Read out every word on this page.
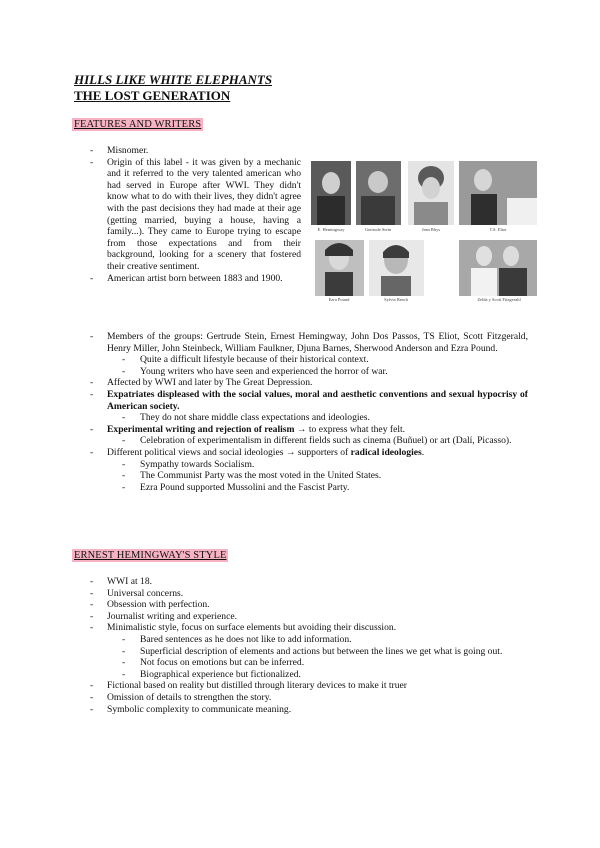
HILLS LIKE WHITE ELEPHANTS
THE LOST GENERATION
FEATURES AND WRITERS
E. Hemingway	Gertrude Stein	Jean Rhys	T.S. Eliot
Ezra Pound	Sylvia Beach	Zelda y Scott Fitzgerald
- Misnomer.
- Origin of this label - it was given by a mechanic and it referred to the very talented american who had served in Europe after WWI. They didn't know what to do with their lives, they didn't agree with the past decisions they had made at their age (getting married, buying a house, having a family...). They came to Europe trying to escape from those expectations and from their background, looking for a scenery that fostered their creative sentiment.
- American artist born between 1883 and 1900.
- Members of the groups: Gertrude Stein, Ernest Hemingway, John Dos Passos, TS Eliot, Scott Fitzgerald, Henry Miller, John Steinbeck, William Faulkner, Djuna Barnes, Sherwood Anderson and Ezra Pound.
- Quite a difficult lifestyle because of their historical context.
- Young writers who have seen and experienced the horror of war.
- Affected by WWI and later by The Great Depression.
- Expatriates displeased with the social values, moral and aesthetic conventions and sexual hypocrisy of American society.
- They do not share middle class expectations and ideologies.
- Experimental writing and rejection of realism → to express what they felt.
- Celebration of experimentalism in different fields such as cinema (Buñuel) or art (Dalí, Picasso).
- Different political views and social ideologies → supporters of radical ideologies.
- Sympathy towards Socialism.
- The Communist Party was the most voted in the United States.
- Ezra Pound supported Mussolini and the Fascist Party.
ERNEST HEMINGWAY'S STYLE
- WWI at 18.
- Universal concerns.
- Obsession with perfection.
- Journalist writing and experience.
- Minimalistic style, focus on surface elements but avoiding their discussion.
- Bared sentences as he does not like to add information.
- Superficial description of elements and actions but between the lines we get what is going out.
- Not focus on emotions but can be inferred.
- Biographical experience but fictionalized.
- Fictional based on reality but distilled through literary devices to make it truer
- Omission of details to strengthen the story.
- Symbolic complexity to communicate meaning.
